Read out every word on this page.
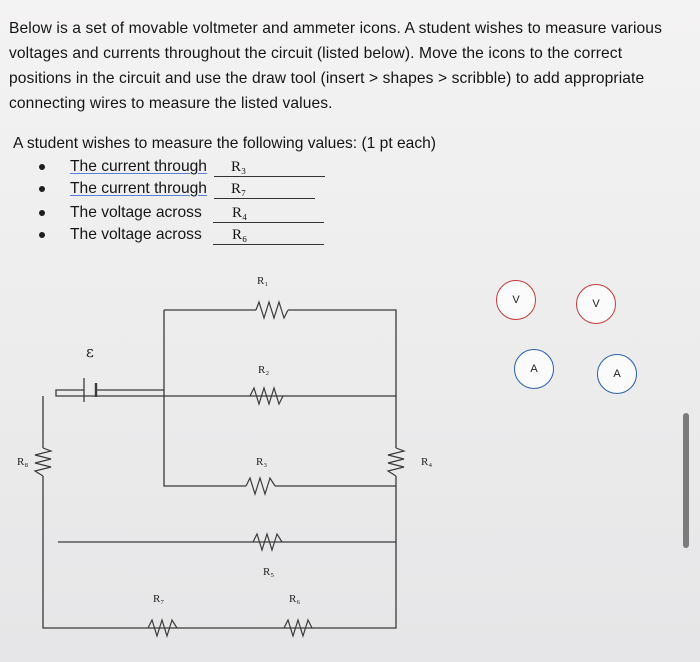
Below is a set of movable voltmeter and ammeter icons. A student wishes to measure various voltages and currents throughout the circuit (listed below). Move the icons to the correct positions in the circuit and use the draw tool (insert > shapes > scribble) to add appropriate connecting wires to measure the listed values.

A student wishes to measure the following values: (1 pt each)

The current through R₃
The current through R₇
The voltage across R₄
The voltage across R₆
ε
R₁
R₂
R₃
R₅
R₇	R₆
R₈	R₄
V	V
A	A
